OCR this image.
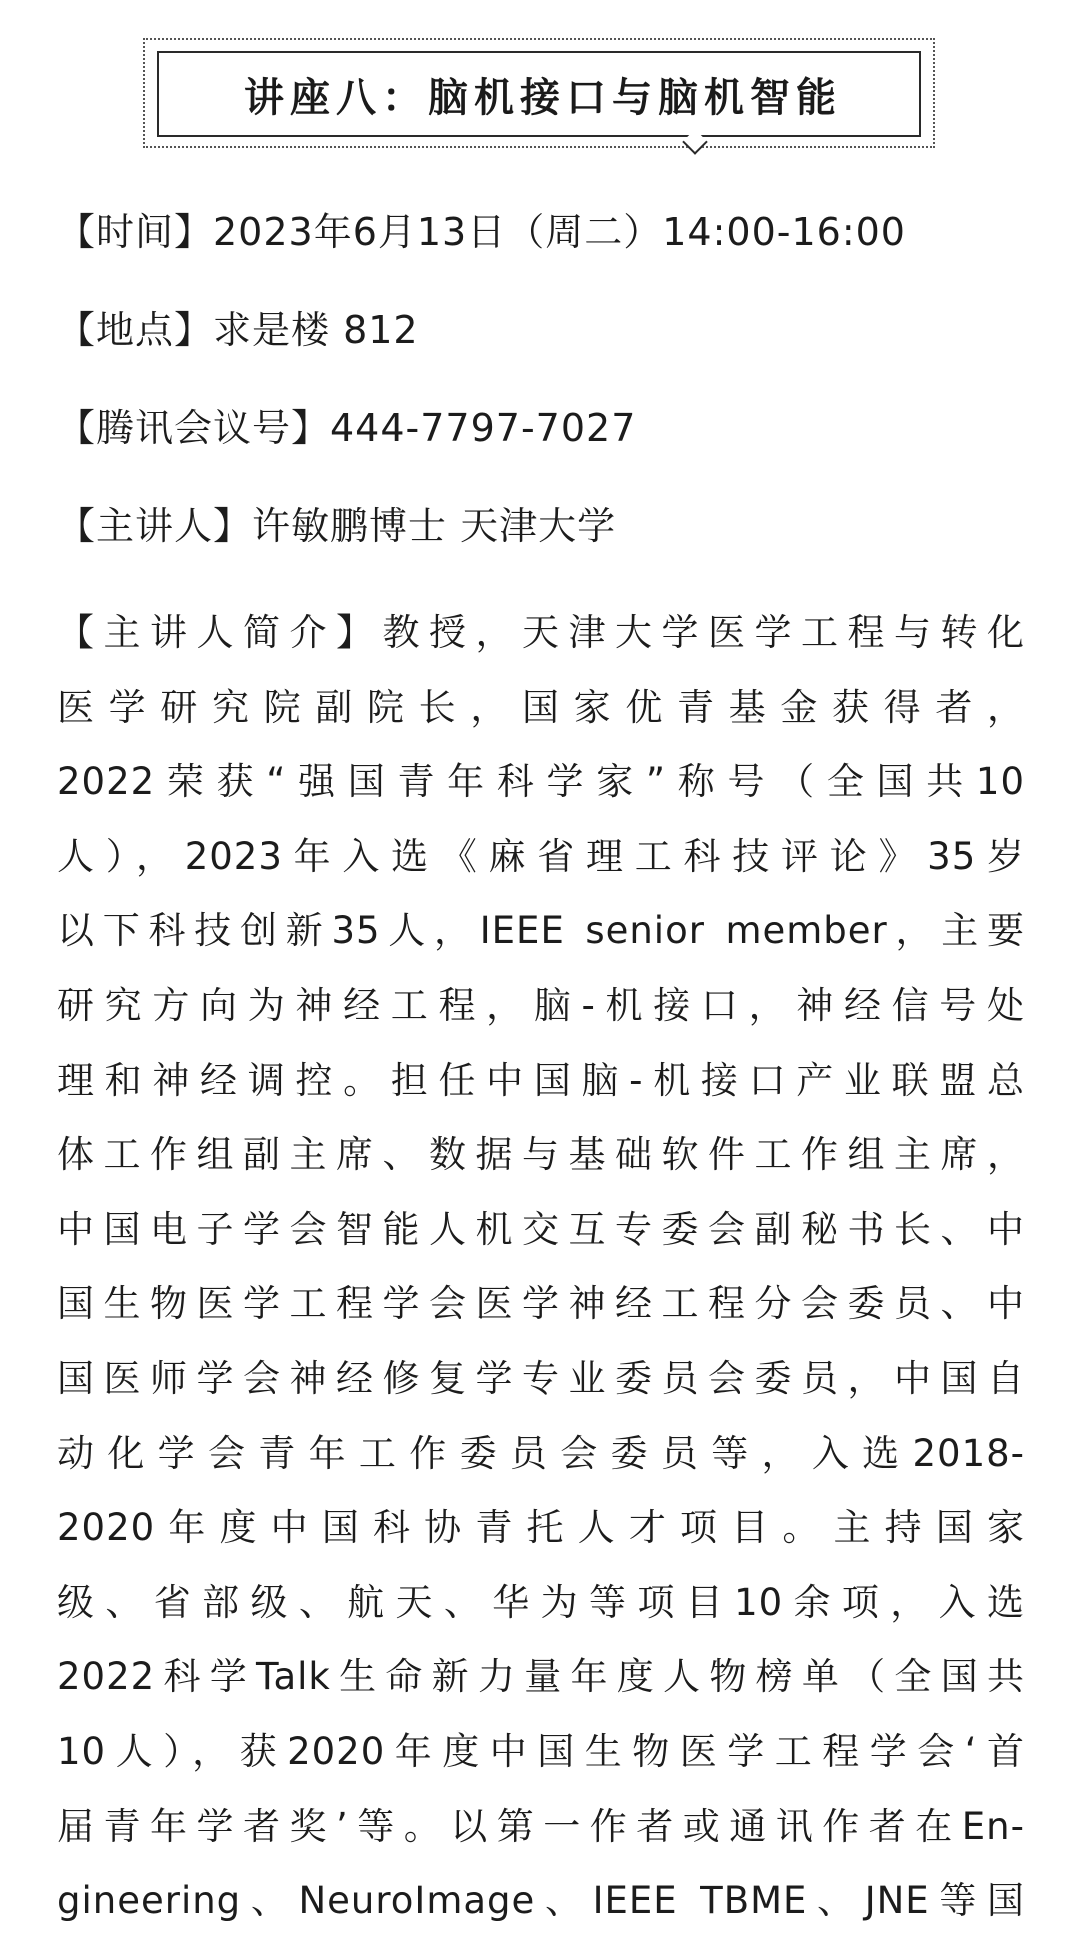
讲座八：脑机接口与脑机智能
【时间】2023年6月13日（周二）14:00-16:00
【地点】求是楼 812
【腾讯会议号】444-7797-7027
【主讲人】许敏鹏博士 天津大学
【主讲人简介】教授，天津大学医学工程与转化
医学研究院副院长，国家优青基金获得者，
2022荣获“强国青年科学家”称号（全国共10
人），2023年入选《麻省理工科技评论》35岁
以下科技创新35人，IEEE senior member，主要
研究方向为神经工程，脑-机接口，神经信号处
理和神经调控。担任中国脑-机接口产业联盟总
体工作组副主席、数据与基础软件工作组主席，
中国电子学会智能人机交互专委会副秘书长、中
国生物医学工程学会医学神经工程分会委员、中
国医师学会神经修复学专业委员会委员，中国自
动化学会青年工作委员会委员等，入选2018-
2020年度中国科协青托人才项目。主持国家
级、省部级、航天、华为等项目10余项，入选
2022科学Talk生命新力量年度人物榜单（全国共
10人），获2020年度中国生物医学工程学会‘首
届青年学者奖’等。以第一作者或通讯作者在En-
gineering、NeuroImage、IEEE TBME、JNE等国
